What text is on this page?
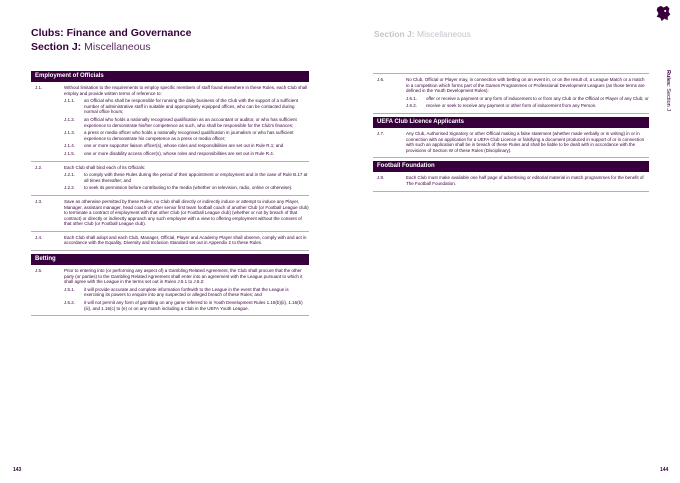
Clubs: Finance and Governance
Section J: Miscellaneous
Employment of Officials
J.1.	Without limitation to the requirements to employ specific members of staff found elsewhere in these Rules, each Club shall employ and provide written terms of reference to:
J.1.1.	an Official who shall be responsible for running the daily business of the Club with the support of a sufficient number of administrative staff in suitable and appropriately equipped offices, who can be contacted during normal office hours;
J.1.2.	an Official who holds a nationally recognised qualification as an accountant or auditor, or who has sufficient experience to demonstrate his/her competence as such, who shall be responsible for the Club's finances;
J.1.3.	a press or media officer who holds a nationally recognised qualification in journalism or who has sufficient experience to demonstrate his competence as a press or media officer;
J.1.4.	one or more supporter liaison officer(s), whose roles and responsibilities are set out in Rule R.1; and
J.1.5.	one or more disability access officer(s), whose roles and responsibilities are set out in Rule R.4.
J.2.	Each Club shall bind each of its Officials:
J.2.1.	to comply with these Rules during the period of their appointment or employment and in the case of Rule B.17 at all times thereafter; and
J.2.2.	to seek its permission before contributing to the media (whether on television, radio, online or otherwise).
J.3.	Save as otherwise permitted by these Rules, no Club shall directly or indirectly induce or attempt to induce any Player, Manager, assistant manager, head coach or other senior first team football coach of another Club (or Football League club) to terminate a contract of employment with that other Club (or Football League club) (whether or not by breach of that contract) or directly or indirectly approach any such employee with a view to offering employment without the consent of that other Club (or Football League club).
J.4.	Each Club shall adopt and each Club, Manager, Official, Player and Academy Player shall observe, comply with and act in accordance with the Equality, Diversity and Inclusion Standard set out in Appendix 2 to these Rules.
Betting
J.5.	Prior to entering into (or performing any aspect of) a Gambling Related Agreement, the Club shall procure that the other party (or parties) to the Gambling Related Agreement shall enter into an agreement with the League pursuant to which it shall agree with the League in the terms set out in Rules J.5.1 to J.5.2:
J.5.1.	it will provide accurate and complete information forthwith to the League in the event that the League is exercising its powers to enquire into any suspected or alleged breach of these Rules; and
J.5.2.	it will not permit any form of gambling on any game referred to in Youth Development Rules 1.16(b)(ii), 1.16(b)(iii), and 1.16(c) to (e) or on any match including a Club in the UEFA Youth League.
143
Section J: Miscellaneous
Rules: Section J
J.6.	No Club, Official or Player may, in connection with betting on an event in, or on the result of, a League Match or a match in a competition which forms part of the Games Programmes or Professional Development Leagues (as those terms are defined in the Youth Development Rules):
J.6.1.	offer or receive a payment or any form of inducement to or from any Club or the Official or Player of any Club; or
J.6.2.	receive or seek to receive any payment or other form of inducement from any Person.
UEFA Club Licence Applicants
J.7.	Any Club, Authorised Signatory or other Official making a false statement (whether made verbally or in writing) in or in connection with an application for a UEFA Club Licence or falsifying a document produced in support of or in connection with such an application shall be in breach of these Rules and shall be liable to be dealt with in accordance with the provisions of Section W of these Rules (Disciplinary).
Football Foundation
J.8.	Each Club must make available one half page of advertising or editorial material in match programmes for the benefit of The Football Foundation.
144
